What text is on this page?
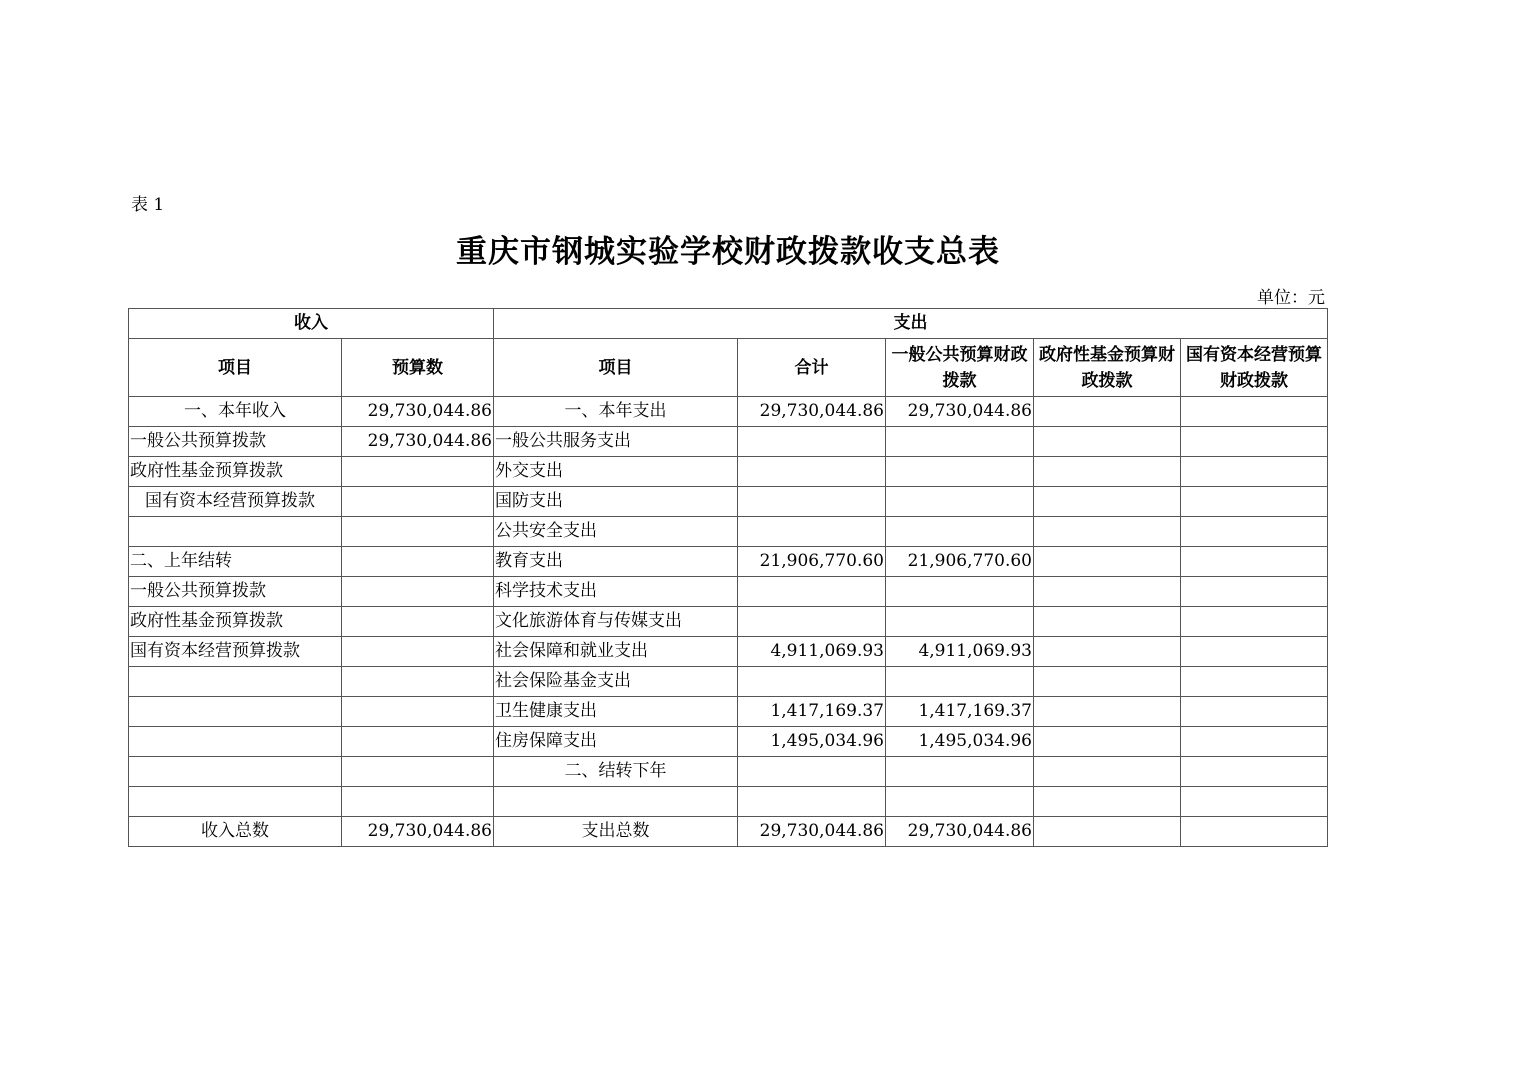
表 1
重庆市钢城实验学校财政拨款收支总表
单位：元
收入		支出				
项目	预算数	项目	合计	一般公共预算财政拨款	政府性基金预算财政拨款	国有资本经营预算财政拨款
一、本年收入	29,730,044.86	一、本年支出	29,730,044.86	29,730,044.86		
一般公共预算拨款	29,730,044.86	一般公共服务支出				
政府性基金预算拨款		外交支出				
国有资本经营预算拨款		国防支出				
		公共安全支出				
二、上年结转		教育支出	21,906,770.60	21,906,770.60		
一般公共预算拨款		科学技术支出				
政府性基金预算拨款		文化旅游体育与传媒支出				
国有资本经营预算拨款		社会保障和就业支出	4,911,069.93	4,911,069.93		
		社会保险基金支出				
		卫生健康支出	1,417,169.37	1,417,169.37		
		住房保障支出	1,495,034.96	1,495,034.96		
		二、结转下年				

收入总数	29,730,044.86	支出总数	29,730,044.86	29,730,044.86		
